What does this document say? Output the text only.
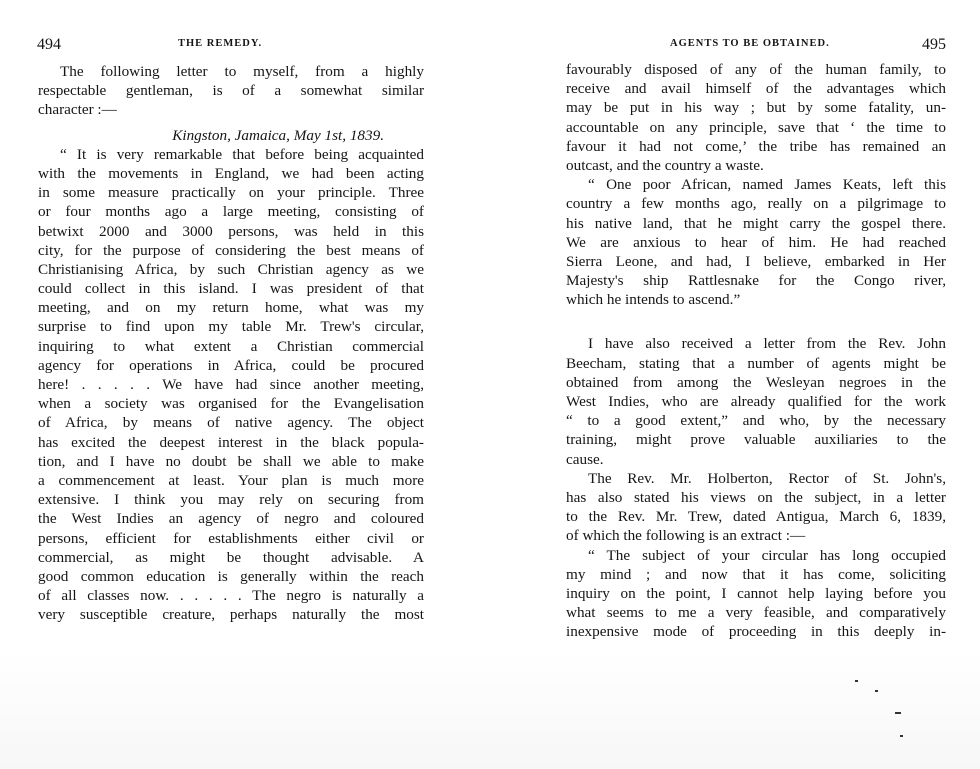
494	THE REMEDY.
The following letter to myself, from a highly
respectable gentleman, is of a somewhat similar
character :—
Kingston, Jamaica, May 1st, 1839.
“ It is very remarkable that before being acquainted
with the movements in England, we had been acting
in some measure practically on your principle. Three
or four months ago a large meeting, consisting of
betwixt 2000 and 3000 persons, was held in this
city, for the purpose of considering the best means of
Christianising Africa, by such Christian agency as we
could collect in this island. I was president of that
meeting, and on my return home, what was my
surprise to find upon my table Mr. Trew's circular,
inquiring to what extent a Christian commercial
agency for operations in Africa, could be procured
here! . . . . . We have had since another meeting,
when a society was organised for the Evangelisation
of Africa, by means of native agency. The object
has excited the deepest interest in the black popula-
tion, and I have no doubt be shall we able to make
a commencement at least. Your plan is much more
extensive. I think you may rely on securing from
the West Indies an agency of negro and coloured
persons, efficient for establishments either civil or
commercial, as might be thought advisable. A
good common education is generally within the reach
of all classes now. . . . . . The negro is naturally a
very susceptible creature, perhaps naturally the most
AGENTS TO BE OBTAINED.	495
favourably disposed of any of the human family, to
receive and avail himself of the advantages which
may be put in his way ; but by some fatality, un-
accountable on any principle, save that ‘ the time to
favour it had not come,’ the tribe has remained an
outcast, and the country a waste.
“ One poor African, named James Keats, left this
country a few months ago, really on a pilgrimage to
his native land, that he might carry the gospel there.
We are anxious to hear of him. He had reached
Sierra Leone, and had, I believe, embarked in Her
Majesty's ship Rattlesnake for the Congo river,
which he intends to ascend.”
I have also received a letter from the Rev. John
Beecham, stating that a number of agents might be
obtained from among the Wesleyan negroes in the
West Indies, who are already qualified for the work
“ to a good extent,” and who, by the necessary
training, might prove valuable auxiliaries to the
cause.
The Rev. Mr. Holberton, Rector of St. John's,
has also stated his views on the subject, in a letter
to the Rev. Mr. Trew, dated Antigua, March 6, 1839,
of which the following is an extract :—
“ The subject of your circular has long occupied
my mind ; and now that it has come, soliciting
inquiry on the point, I cannot help laying before you
what seems to me a very feasible, and comparatively
inexpensive mode of proceeding in this deeply in-
